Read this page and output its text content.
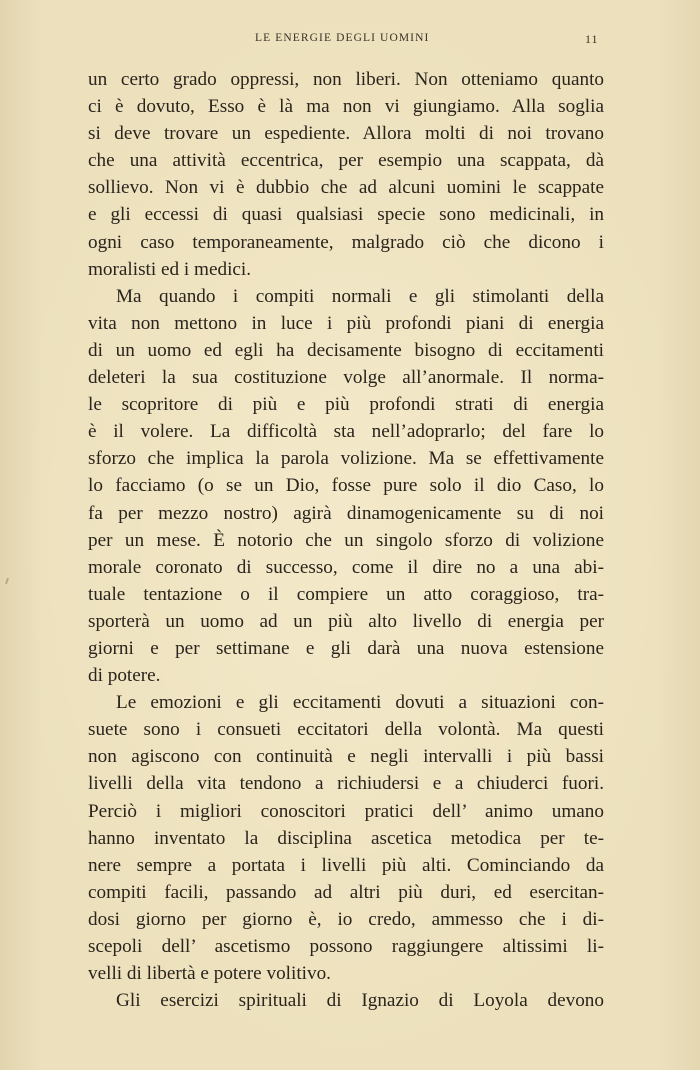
LE ENERGIE DEGLI UOMINI	11
un certo grado oppressi, non liberi. Non otteniamo quanto
ci è dovuto, Esso è là ma non vi giungiamo. Alla soglia
si deve trovare un espediente. Allora molti di noi trovano
che una attività eccentrica, per esempio una scappata, dà
sollievo. Non vi è dubbio che ad alcuni uomini le scappate
e gli eccessi di quasi qualsiasi specie sono medicinali, in
ogni caso temporaneamente, malgrado ciò che dicono i
moralisti ed i medici.
Ma quando i compiti normali e gli stimolanti della
vita non mettono in luce i più profondi piani di energia
di un uomo ed egli ha decisamente bisogno di eccitamenti
deleteri la sua costituzione volge all’anormale. Il norma-
le scopritore di più e più profondi strati di energia
è il volere. La difficoltà sta nell’adoprarlo; del fare lo
sforzo che implica la parola volizione. Ma se effettivamente
lo facciamo (o se un Dio, fosse pure solo il dio Caso, lo
fa per mezzo nostro) agirà dinamogenicamente su di noi
per un mese. È notorio che un singolo sforzo di volizione
morale coronato di successo, come il dire no a una abi-
tuale tentazione o il compiere un atto coraggioso, tra-
sporterà un uomo ad un più alto livello di energia per
giorni e per settimane e gli darà una nuova estensione
di potere.
Le emozioni e gli eccitamenti dovuti a situazioni con-
suete sono i consueti eccitatori della volontà. Ma questi
non agiscono con continuità e negli intervalli i più bassi
livelli della vita tendono a richiudersi e a chiuderci fuori.
Perciò i migliori conoscitori pratici dell’ animo umano
hanno inventato la disciplina ascetica metodica per te-
nere sempre a portata i livelli più alti. Cominciando da
compiti facili, passando ad altri più duri, ed esercitan-
dosi giorno per giorno è, io credo, ammesso che i di-
scepoli dell’ ascetismo possono raggiungere altissimi li-
velli di libertà e potere volitivo.
Gli esercizi spirituali di Ignazio di Loyola devono
